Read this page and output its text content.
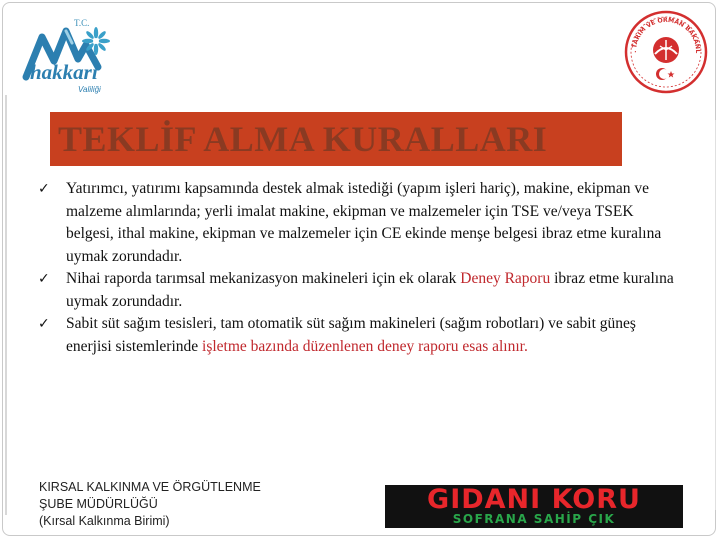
T.C.
hakkari
Valiliği
. TARIM VE ORMAN BAKANL
TEKLİF ALMA KURALLARI
✓ Yatırımcı, yatırımı kapsamında destek almak istediği (yapım işleri hariç), makine, ekipman ve malzeme alımlarında; yerli imalat makine, ekipman ve malzemeler için TSE ve/veya TSEK belgesi, ithal makine, ekipman ve malzemeler için CE ekinde menşe belgesi ibraz etme kuralına uymak zorundadır.
✓ Nihai raporda tarımsal mekanizasyon makineleri için ek olarak Deney Raporu ibraz etme kuralına uymak zorundadır.
✓ Sabit süt sağım tesisleri, tam otomatik süt sağım makineleri (sağım robotları) ve sabit güneş enerjisi sistemlerinde işletme bazında düzenlenen deney raporu esas alınır.
KIRSAL KALKINMA VE ÖRGÜTLENME
ŞUBE MÜDÜRLÜĞÜ
(Kırsal Kalkınma Birimi)
GIDANI KORU
SOFRANA SAHİP ÇIK
